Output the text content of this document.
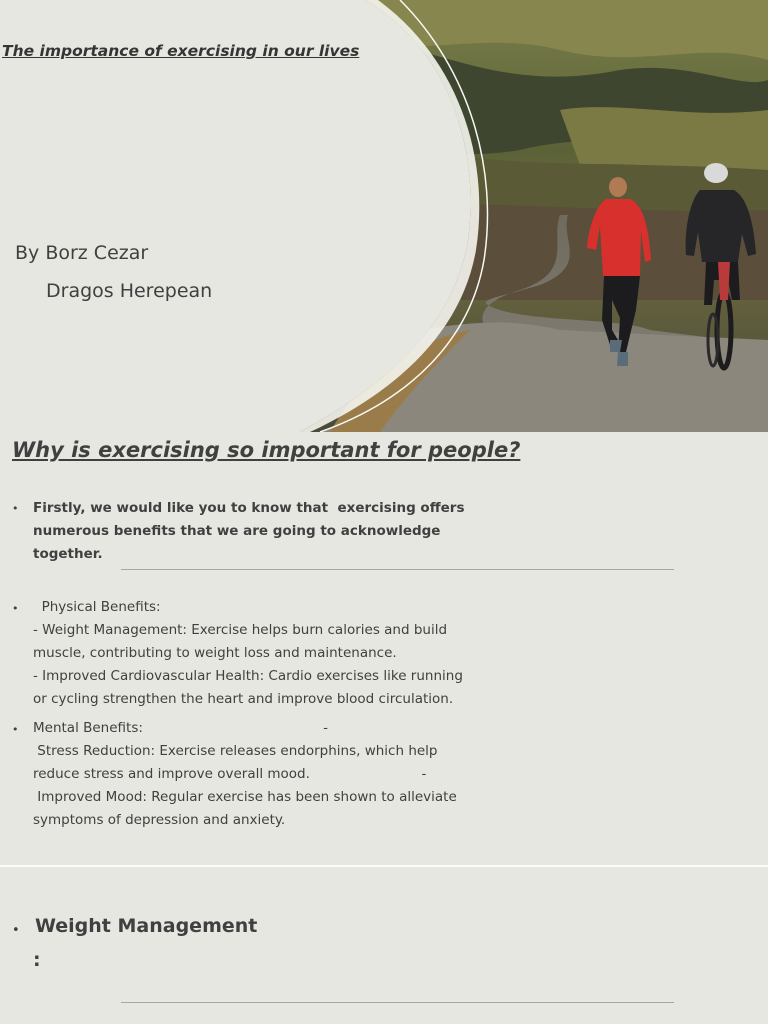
The importance of exercising in our lives
By Borz Cezar
Dragos Herepean
Why is exercising so important for people?
• Firstly, we would like you to know that  exercising offers
numerous benefits that we are going to acknowledge
together.
• Physical Benefits:
- Weight Management: Exercise helps burn calories and build
muscle, contributing to weight loss and maintenance.
- Improved Cardiovascular Health: Cardio exercises like running
or cycling strengthen the heart and improve blood circulation.
• Mental Benefits:                                          -
Stress Reduction: Exercise releases endorphins, which help
reduce stress and improve overall mood.                          -
Improved Mood: Regular exercise has been shown to alleviate
symptoms of depression and anxiety.
• Weight Management
:
